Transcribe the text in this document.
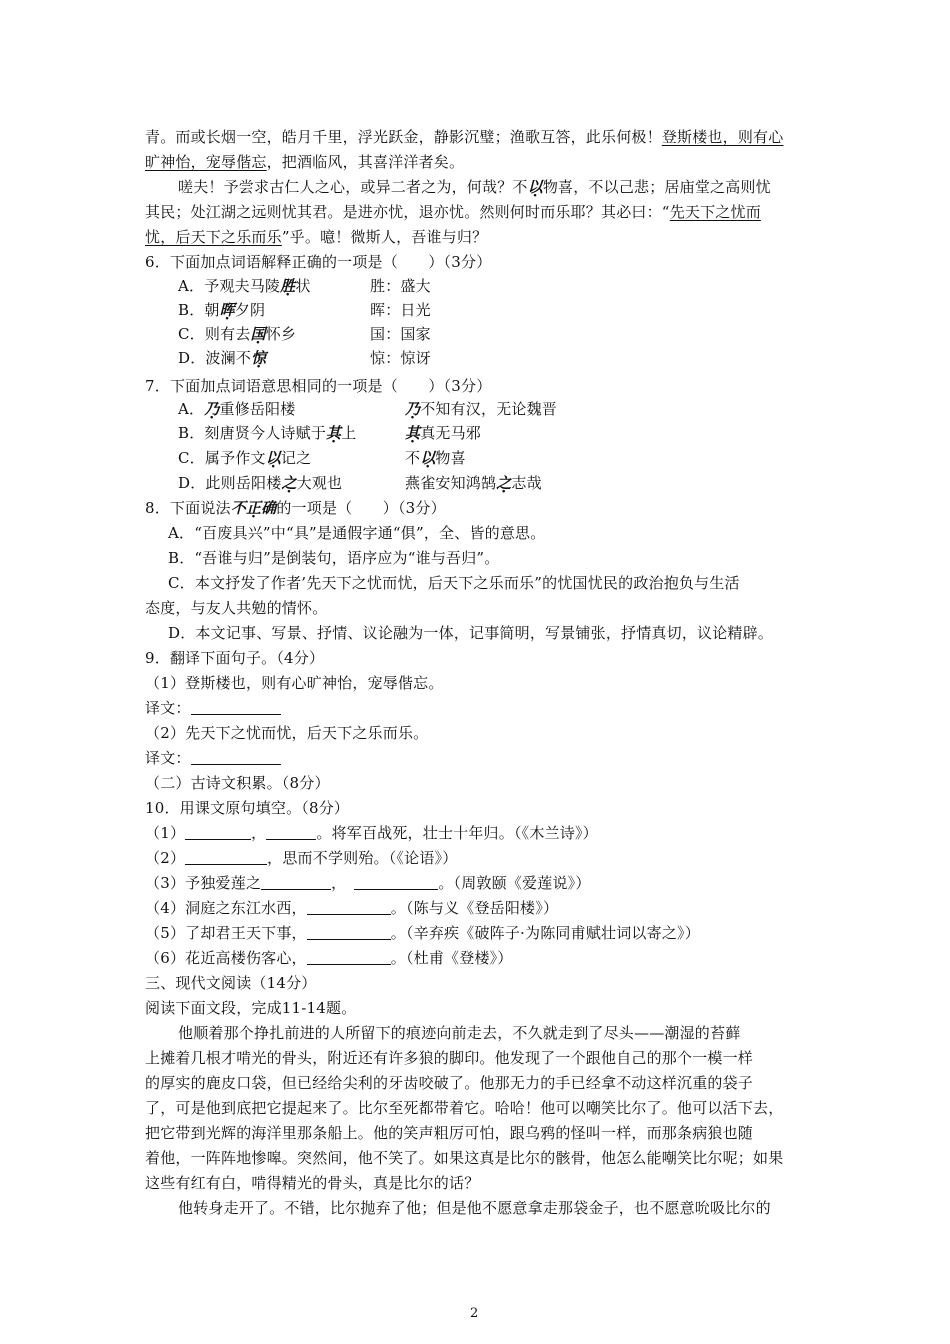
青。而或长烟一空，皓月千里，浮光跃金，静影沉璧；渔歌互答，此乐何极！登斯楼也，则有心
旷神怡，宠辱偕忘，把酒临风，其喜洋洋者矣。
嗟夫！予尝求古仁人之心，或异二者之为，何哉？不以物喜，不以己悲；居庙堂之高则忧
其民；处江湖之远则忧其君。是进亦忧，退亦忧。然则何时而乐耶？其必曰：“先天下之忧而
忧，后天下之乐而乐”乎。噫！微斯人，吾谁与归？
6．下面加点词语解释正确的一项是（　　）（3分）
A．予观夫马陵胜状	胜：盛大
B．朝晖夕阴	晖：日光
C．则有去国怀乡	国：国家
D．波澜不惊	惊：惊讶
7．下面加点词语意思相同的一项是（　　）（3分）
A．乃重修岳阳楼	乃不知有汉，无论魏晋
B．刻唐贤今人诗赋于其上	其真无马邪
C．属予作文以记之	不以物喜
D．此则岳阳楼之大观也	燕雀安知鸿鹄之志哉
8．下面说法不正确的一项是（　　）（3分）
A．“百废具兴”中“具”是通假字通“俱”，全、皆的意思。
B．“吾谁与归”是倒装句，语序应为“谁与吾归”。
C．本文抒发了作者’先天下之忧而忧，后天下之乐而乐”的忧国忧民的政治抱负与生活
态度，与友人共勉的情怀。
D．本文记事、写景、抒情、议论融为一体，记事简明，写景铺张，抒情真切，议论精辟。
9．翻译下面句子。（4分）
（1）登斯楼也，则有心旷神怡，宠辱偕忘。
译文：
（2）先天下之忧而忧，后天下之乐而乐。
译文：
（二）古诗文积累。（8分）
10．用课文原句填空。（8分）
（1）	，	。将军百战死，壮士十年归。（《木兰诗》）
（2）	，思而不学则殆。（《论语》）
（3）予独爱莲之	，	。（周敦颐《爱莲说》）
（4）洞庭之东江水西，	。（陈与义《登岳阳楼》）
（5）了却君王天下事，	。（辛弃疾《破阵子·为陈同甫赋壮词以寄之》）
（6）花近高楼伤客心，	。（杜甫《登楼》）
三、现代文阅读（14分）
阅读下面文段，完成11-14题。
他顺着那个挣扎前进的人所留下的痕迹向前走去，不久就走到了尽头——潮湿的苔藓
上摊着几根才啃光的骨头，附近还有许多狼的脚印。他发现了一个跟他自己的那个一模一样
的厚实的鹿皮口袋，但已经给尖利的牙齿咬破了。他那无力的手已经拿不动这样沉重的袋子
了，可是他到底把它提起来了。比尔至死都带着它。哈哈！他可以嘲笑比尔了。他可以活下去，
把它带到光辉的海洋里那条船上。他的笑声粗厉可怕，跟乌鸦的怪叫一样，而那条病狼也随
着他，一阵阵地惨嗥。突然间，他不笑了。如果这真是比尔的骸骨，他怎么能嘲笑比尔呢；如果
这些有红有白，啃得精光的骨头，真是比尔的话？
他转身走开了。不错，比尔抛弃了他；但是他不愿意拿走那袋金子，也不愿意吮吸比尔的
2
